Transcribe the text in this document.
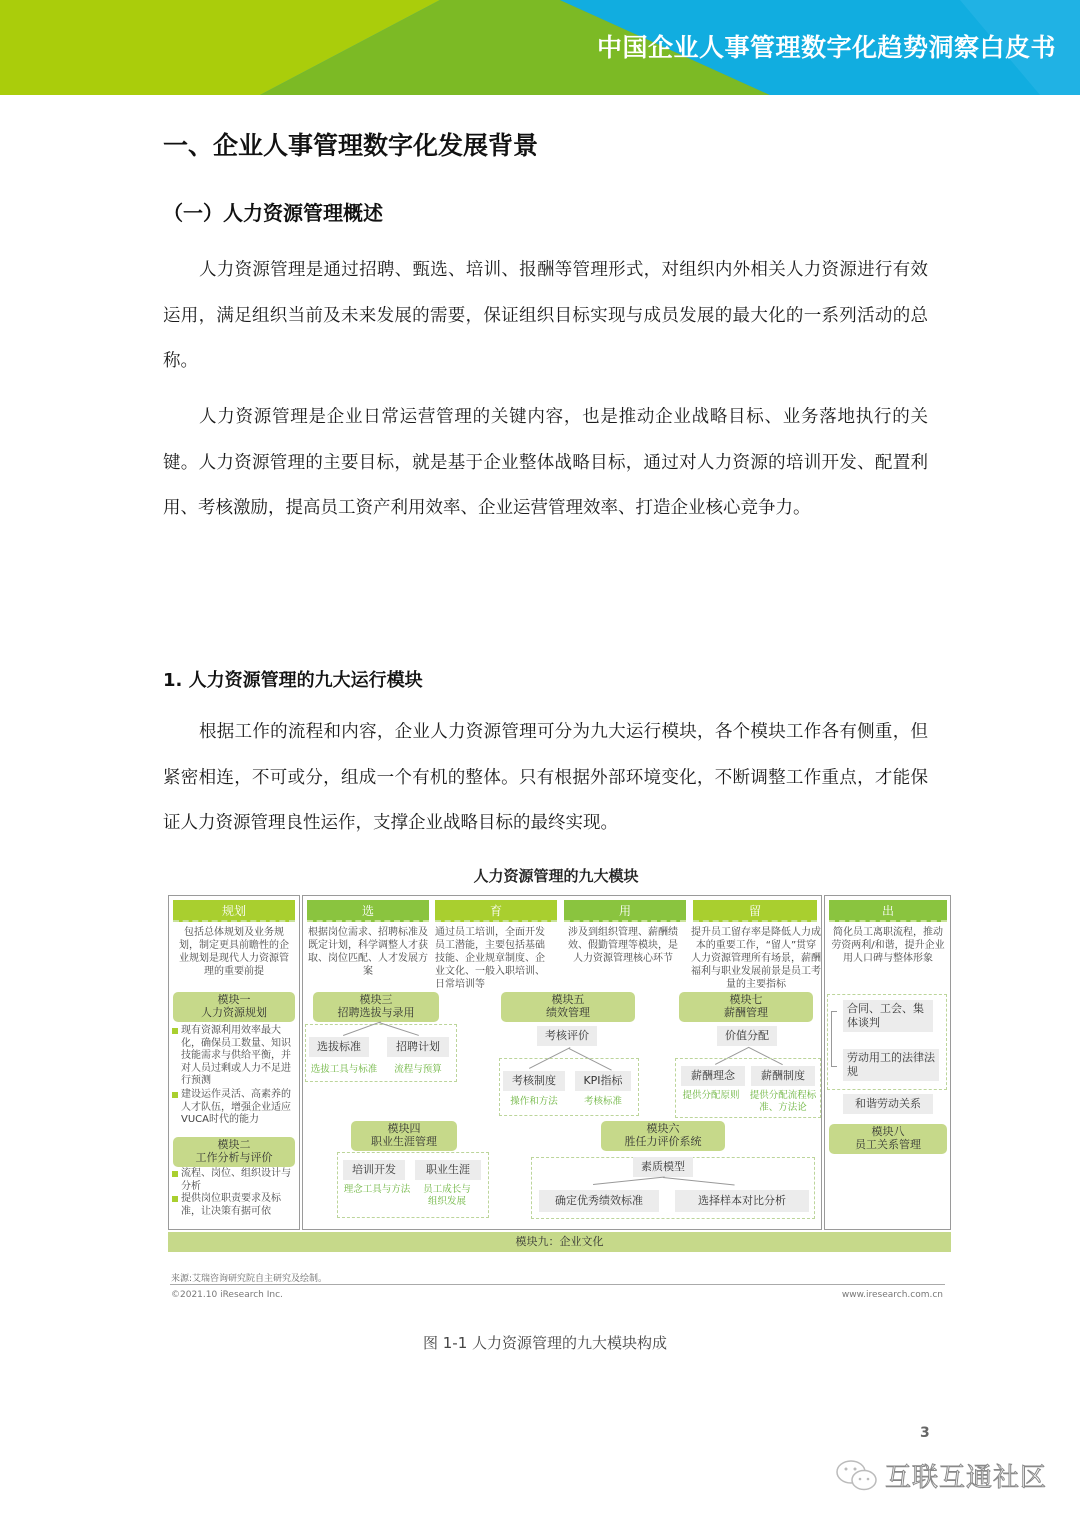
中国企业人事管理数字化趋势洞察白皮书
一、企业人事管理数字化发展背景
（一）人力资源管理概述
人力资源管理是通过招聘、甄选、培训、报酬等管理形式，对组织内外相关人力资源进行有效运用，满足组织当前及未来发展的需要，保证组织目标实现与成员发展的最大化的一系列活动的总称。
人力资源管理是企业日常运营管理的关键内容，也是推动企业战略目标、业务落地执行的关键。人力资源管理的主要目标，就是基于企业整体战略目标，通过对人力资源的培训开发、配置利用、考核激励，提高员工资产利用效率、企业运营管理效率、打造企业核心竞争力。
1. 人力资源管理的九大运行模块
根据工作的流程和内容，企业人力资源管理可分为九大运行模块，各个模块工作各有侧重，但紧密相连，不可或分，组成一个有机的整体。只有根据外部环境变化，不断调整工作重点，才能保证人力资源管理良性运作，支撑企业战略目标的最终实现。
人力资源管理的九大模块
规划
包括总体规划及业务规划，制定更具前瞻性的企业规划是现代人力资源管理的重要前提
模块一
人力资源规划
现有资源利用效率最大化，确保员工数量、知识技能需求与供给平衡，并对人员过剩或人力不足进行预测
建设运作灵活、高素养的人才队伍，增强企业适应VUCA时代的能力
模块二
工作分析与评价
流程、岗位、组织设计与分析
提供岗位职责要求及标准，让决策有据可依
选	育	用	留
根据岗位需求、招聘标准及既定计划，科学调整人才获取、岗位匹配、人才发展方案
通过员工培训，全面开发员工潜能，主要包括基础技能、企业规章制度、企业文化、一般入职培训、日常培训等
涉及到组织管理、薪酬绩效、假勤管理等模块，是人力资源管理核心环节
提升员工留存率是降低人力成本的重要工作，“留人”贯穿人力资源管理所有场景，薪酬福利与职业发展前景是员工考量的主要指标
模块三
招聘选拔与录用
选拔标准	招聘计划
选拔工具与标准	流程与预算
模块五
绩效管理
考核评价
考核制度	KPI指标
操作和方法	考核标准
模块七
薪酬管理
价值分配
薪酬理念	薪酬制度
提供分配原则	提供分配流程标准、方法论
模块四
职业生涯管理
培训开发	职业生涯
理念工具与方法	员工成长与组织发展
模块六
胜任力评价系统
素质模型
确定优秀绩效标准	选择样本对比分析
出
简化员工离职流程，推动劳资两利/和谐，提升企业用人口碑与整体形象
合同、工会、集体谈判
劳动用工的法律法规
和谐劳动关系
模块八
员工关系管理
模块九：企业文化
来源:艾瑞咨询研究院自主研究及绘制。
©2021.10 iResearch Inc.	www.iresearch.com.cn
图 1-1 人力资源管理的九大模块构成
3
互联互通社区
